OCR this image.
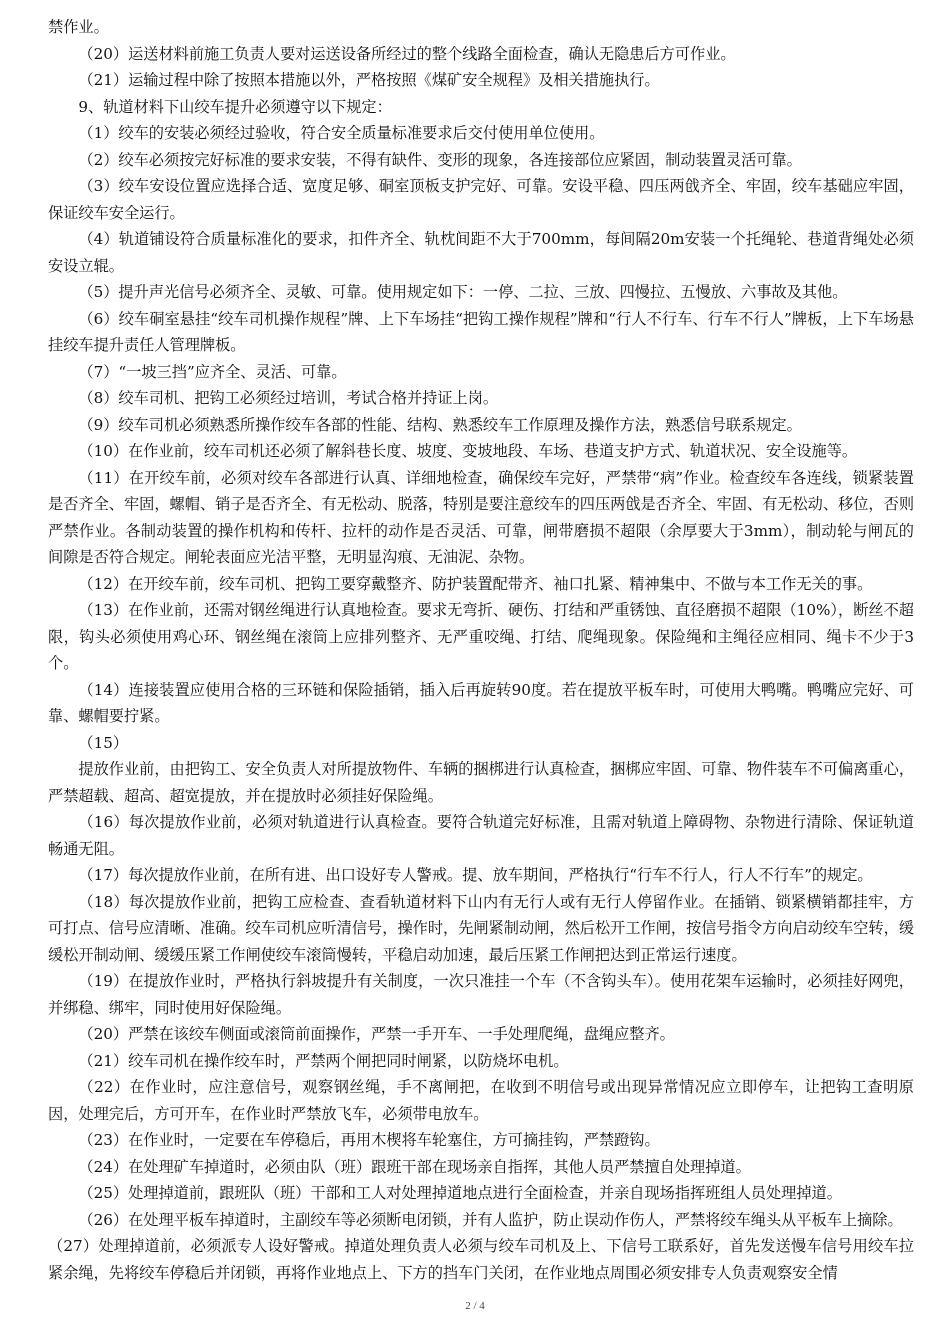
禁作业。

（20）运送材料前施工负责人要对运送设备所经过的整个线路全面检查，确认无隐患后方可作业。

（21）运输过程中除了按照本措施以外，严格按照《煤矿安全规程》及相关措施执行。

9、轨道材料下山绞车提升必须遵守以下规定：

（1）绞车的安装必须经过验收，符合安全质量标准要求后交付使用单位使用。

（2）绞车必须按完好标准的要求安装，不得有缺件、变形的现象，各连接部位应紧固，制动装置灵活可靠。

（3）绞车安设位置应选择合适、宽度足够、硐室顶板支护完好、可靠。安设平稳、四压两戗齐全、牢固，绞车基础应牢固，保证绞车安全运行。

（4）轨道铺设符合质量标准化的要求，扣件齐全、轨枕间距不大于700mm，每间隔20m安装一个托绳轮、巷道背绳处必须安设立辊。

（5）提升声光信号必须齐全、灵敏、可靠。使用规定如下：一停、二拉、三放、四慢拉、五慢放、六事故及其他。

（6）绞车硐室悬挂“绞车司机操作规程”牌、上下车场挂“把钩工操作规程”牌和“行人不行车、行车不行人”牌板，上下车场悬挂绞车提升责任人管理牌板。

（7）“一坡三挡”应齐全、灵活、可靠。

（8）绞车司机、把钩工必须经过培训，考试合格并持证上岗。

（9）绞车司机必须熟悉所操作绞车各部的性能、结构、熟悉绞车工作原理及操作方法，熟悉信号联系规定。

（10）在作业前，绞车司机还必须了解斜巷长度、坡度、变坡地段、车场、巷道支护方式、轨道状况、安全设施等。

（11）在开绞车前，必须对绞车各部进行认真、详细地检查，确保绞车完好，严禁带“病”作业。检查绞车各连线，锁紧装置是否齐全、牢固，螺帽、销子是否齐全、有无松动、脱落，特别是要注意绞车的四压两戗是否齐全、牢固、有无松动、移位，否则严禁作业。各制动装置的操作机构和传杆、拉杆的动作是否灵活、可靠，闸带磨损不超限（余厚要大于3mm），制动轮与闸瓦的间隙是否符合规定。闸轮表面应光洁平整，无明显沟痕、无油泥、杂物。

（12）在开绞车前，绞车司机、把钩工要穿戴整齐、防护装置配带齐、袖口扎紧、精神集中、不做与本工作无关的事。

（13）在作业前，还需对钢丝绳进行认真地检查。要求无弯折、硬伤、打结和严重锈蚀、直径磨损不超限（10%），断丝不超限，钩头必须使用鸡心环、钢丝绳在滚筒上应排列整齐、无严重咬绳、打结、爬绳现象。保险绳和主绳径应相同、绳卡不少于3个。

（14）连接装置应使用合格的三环链和保险插销，插入后再旋转90度。若在提放平板车时，可使用大鸭嘴。鸭嘴应完好、可靠、螺帽要拧紧。

（15）

提放作业前，由把钩工、安全负责人对所提放物件、车辆的捆梆进行认真检查，捆梆应牢固、可靠、物件装车不可偏离重心，严禁超载、超高、超宽提放，并在提放时必须挂好保险绳。

（16）每次提放作业前，必须对轨道进行认真检查。要符合轨道完好标准，且需对轨道上障碍物、杂物进行清除、保证轨道畅通无阻。

（17）每次提放作业前，在所有进、出口设好专人警戒。提、放车期间，严格执行“行车不行人，行人不行车”的规定。

（18）每次提放作业前，把钩工应检查、查看轨道材料下山内有无行人或有无行人停留作业。在插销、锁紧横销都挂牢，方可打点、信号应清晰、准确。绞车司机应听清信号，操作时，先闸紧制动闸，然后松开工作闸，按信号指令方向启动绞车空转，缓缓松开制动闸、缓缓压紧工作闸使绞车滚筒慢转，平稳启动加速，最后压紧工作闸把达到正常运行速度。

（19）在提放作业时，严格执行斜坡提升有关制度，一次只准挂一个车（不含钩头车）。使用花架车运输时，必须挂好网兜，并绑稳、绑牢，同时使用好保险绳。

（20）严禁在该绞车侧面或滚筒前面操作，严禁一手开车、一手处理爬绳，盘绳应整齐。

（21）绞车司机在操作绞车时，严禁两个闸把同时闸紧，以防烧坏电机。

（22）在作业时，应注意信号，观察钢丝绳，手不离闸把，在收到不明信号或出现异常情况应立即停车，让把钩工查明原因，处理完后，方可开车，在作业时严禁放飞车，必须带电放车。

（23）在作业时，一定要在车停稳后，再用木楔将车轮塞住，方可摘挂钩，严禁蹬钩。

（24）在处理矿车掉道时，必须由队（班）跟班干部在现场亲自指挥，其他人员严禁擅自处理掉道。

（25）处理掉道前，跟班队（班）干部和工人对处理掉道地点进行全面检查，并亲自现场指挥班组人员处理掉道。

（26）在处理平板车掉道时，主副绞车等必须断电闭锁，并有人监护，防止误动作伤人，严禁将绞车绳头从平板车上摘除。

（27）处理掉道前，必须派专人设好警戒。掉道处理负责人必须与绞车司机及上、下信号工联系好，首先发送慢车信号用绞车拉紧余绳，先将绞车停稳后并闭锁，再将作业地点上、下方的挡车门关闭，在作业地点周围必须安排专人负责观察安全情

2 / 4
